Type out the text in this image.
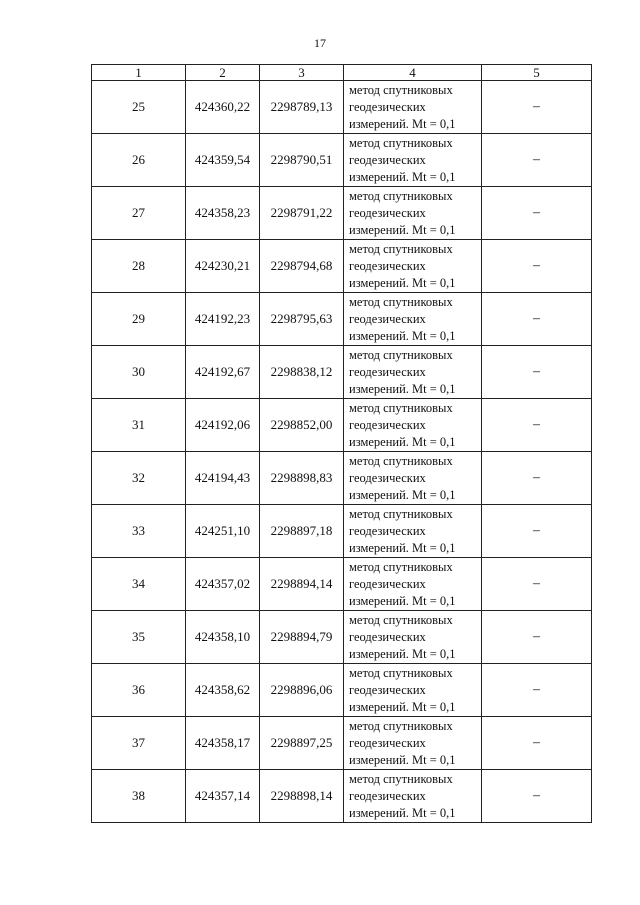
17
1	2	3	4	5
25	424360,22	2298789,13	метод спутниковых
геодезических
измерений. Mt = 0,1	–
26	424359,54	2298790,51	метод спутниковых
геодезических
измерений. Mt = 0,1	–
27	424358,23	2298791,22	метод спутниковых
геодезических
измерений. Mt = 0,1	–
28	424230,21	2298794,68	метод спутниковых
геодезических
измерений. Mt = 0,1	–
29	424192,23	2298795,63	метод спутниковых
геодезических
измерений. Mt = 0,1	–
30	424192,67	2298838,12	метод спутниковых
геодезических
измерений. Mt = 0,1	–
31	424192,06	2298852,00	метод спутниковых
геодезических
измерений. Mt = 0,1	–
32	424194,43	2298898,83	метод спутниковых
геодезических
измерений. Mt = 0,1	–
33	424251,10	2298897,18	метод спутниковых
геодезических
измерений. Mt = 0,1	–
34	424357,02	2298894,14	метод спутниковых
геодезических
измерений. Mt = 0,1	–
35	424358,10	2298894,79	метод спутниковых
геодезических
измерений. Mt = 0,1	–
36	424358,62	2298896,06	метод спутниковых
геодезических
измерений. Mt = 0,1	–
37	424358,17	2298897,25	метод спутниковых
геодезических
измерений. Mt = 0,1	–
38	424357,14	2298898,14	метод спутниковых
геодезических
измерений. Mt = 0,1	–
